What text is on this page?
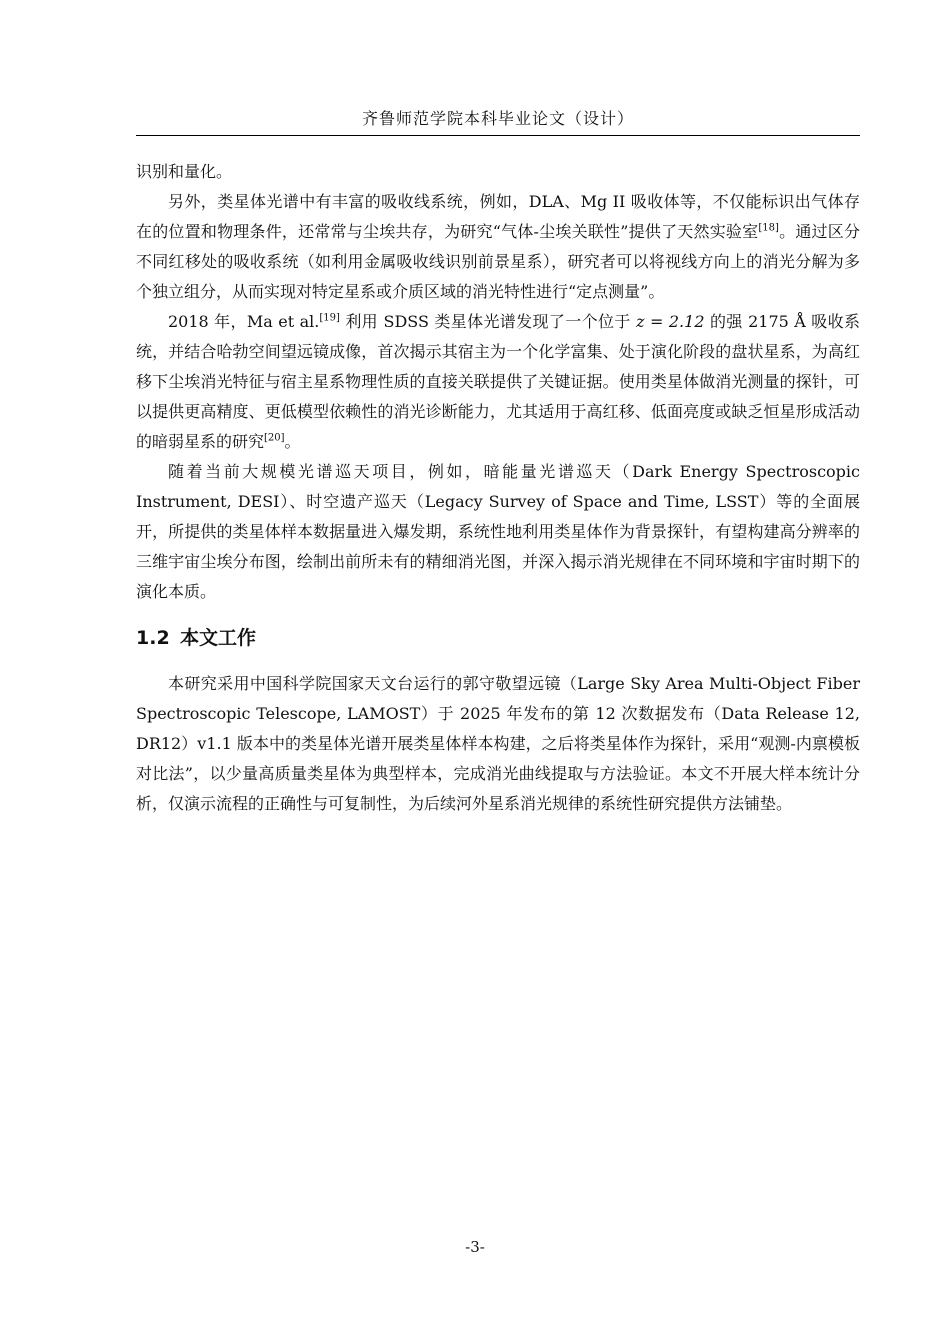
齐鲁师范学院本科毕业论文（设计）

识别和量化。

另外，类星体光谱中有丰富的吸收线系统，例如，DLA、Mg II 吸收体等，不仅能标识出气体存在的位置和物理条件，还常常与尘埃共存，为研究“气体-尘埃关联性”提供了天然实验室[18]。通过区分不同红移处的吸收系统（如利用金属吸收线识别前景星系），研究者可以将视线方向上的消光分解为多个独立组分，从而实现对特定星系或介质区域的消光特性进行“定点测量”。

2018 年，Ma et al.[19] 利用 SDSS 类星体光谱发现了一个位于 z = 2.12 的强 2175 Å 吸收系统，并结合哈勃空间望远镜成像，首次揭示其宿主为一个化学富集、处于演化阶段的盘状星系，为高红移下尘埃消光特征与宿主星系物理性质的直接关联提供了关键证据。使用类星体做消光测量的探针，可以提供更高精度、更低模型依赖性的消光诊断能力，尤其适用于高红移、低面亮度或缺乏恒星形成活动的暗弱星系的研究[20]。

随着当前大规模光谱巡天项目，例如，暗能量光谱巡天（Dark Energy Spectroscopic Instrument, DESI）、时空遗产巡天（Legacy Survey of Space and Time, LSST）等的全面展开，所提供的类星体样本数据量进入爆发期，系统性地利用类星体作为背景探针，有望构建高分辨率的三维宇宙尘埃分布图，绘制出前所未有的精细消光图，并深入揭示消光规律在不同环境和宇宙时期下的演化本质。

1.2 本文工作

本研究采用中国科学院国家天文台运行的郭守敬望远镜（Large Sky Area Multi-Object Fiber Spectroscopic Telescope, LAMOST）于 2025 年发布的第 12 次数据发布（Data Release 12, DR12）v1.1 版本中的类星体光谱开展类星体样本构建，之后将类星体作为探针，采用“观测-内禀模板对比法”，以少量高质量类星体为典型样本，完成消光曲线提取与方法验证。本文不开展大样本统计分析，仅演示流程的正确性与可复制性，为后续河外星系消光规律的系统性研究提供方法铺垫。

-3-
